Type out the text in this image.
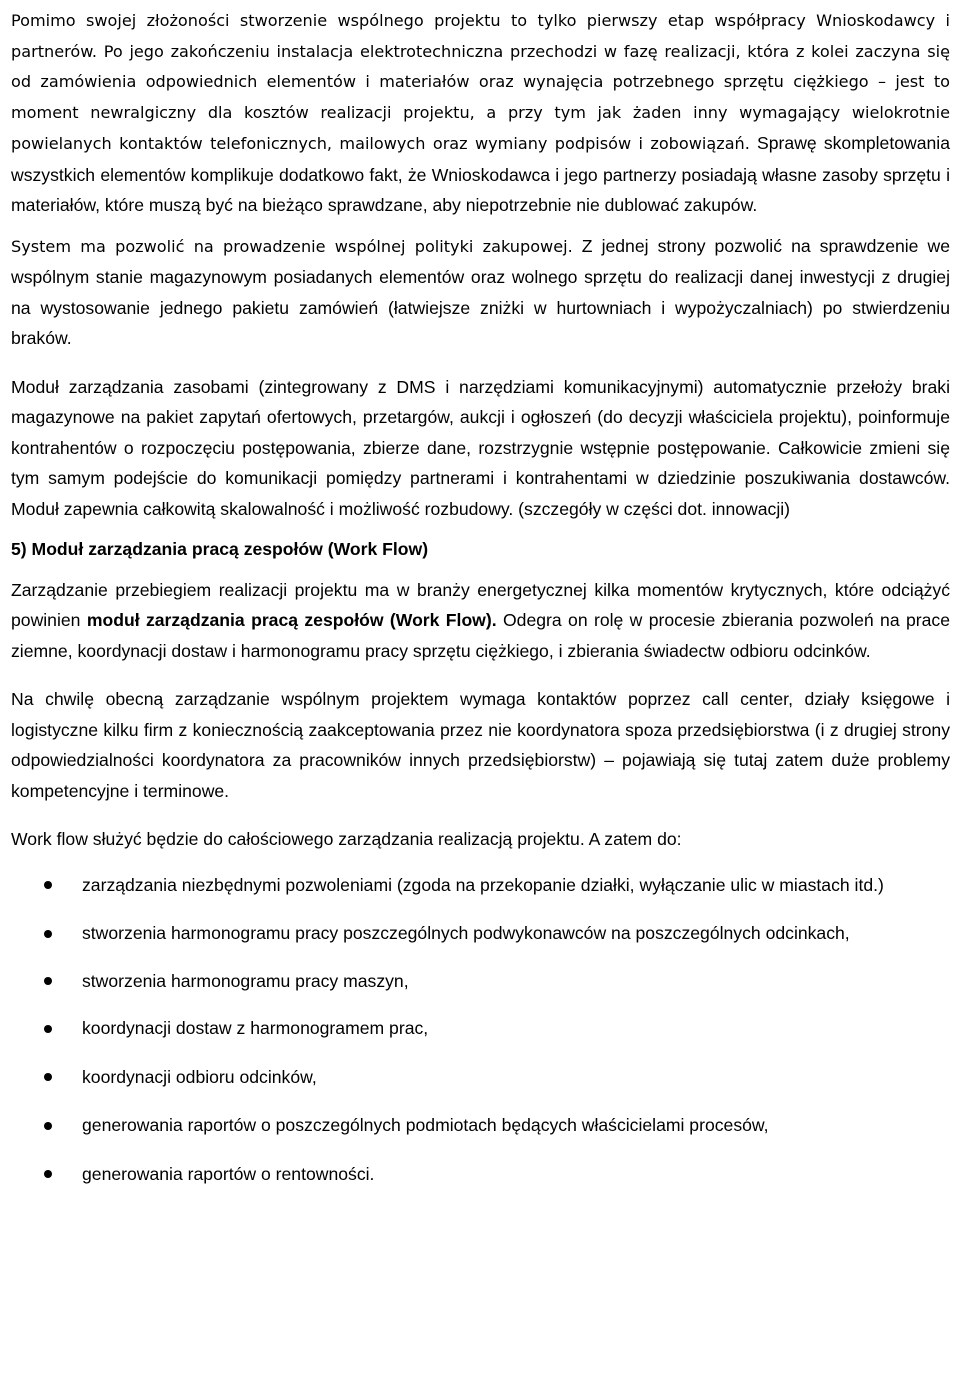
Pomimo swojej złożoności stworzenie wspólnego projektu to tylko pierwszy etap współpracy Wnioskodawcy i partnerów. Po jego zakończeniu instalacja elektrotechniczna przechodzi w fazę realizacji, która z kolei zaczyna się od zamówienia odpowiednich elementów i materiałów oraz wynajęcia potrzebnego sprzętu ciężkiego – jest to moment newralgiczny dla kosztów realizacji projektu, a przy tym jak żaden inny wymagający wielokrotnie powielanych kontaktów telefonicznych, mailowych oraz wymiany podpisów i zobowiązań. Sprawę skompletowania wszystkich elementów komplikuje dodatkowo fakt, że Wnioskodawca i jego partnerzy posiadają własne zasoby sprzętu i materiałów, które muszą być na bieżąco sprawdzane, aby niepotrzebnie nie dublować zakupów.

System ma pozwolić na prowadzenie wspólnej polityki zakupowej. Z jednej strony pozwolić na sprawdzenie we wspólnym stanie magazynowym posiadanych elementów oraz wolnego sprzętu do realizacji danej inwestycji z drugiej na wystosowanie jednego pakietu zamówień (łatwiejsze zniżki w hurtowniach i wypożyczalniach) po stwierdzeniu braków.

Moduł zarządzania zasobami (zintegrowany z DMS i narzędziami komunikacyjnymi) automatycznie przełoży braki magazynowe na pakiet zapytań ofertowych, przetargów, aukcji i ogłoszeń (do decyzji właściciela projektu), poinformuje kontrahentów o rozpoczęciu postępowania, zbierze dane, rozstrzygnie wstępnie postępowanie. Całkowicie zmieni się tym samym podejście do komunikacji pomiędzy partnerami i kontrahentami w dziedzinie poszukiwania dostawców. Moduł zapewnia całkowitą skalowalność i możliwość rozbudowy. (szczegóły w części dot. innowacji)

5) Moduł zarządzania pracą zespołów (Work Flow)

Zarządzanie przebiegiem realizacji projektu ma w branży energetycznej kilka momentów krytycznych, które odciążyć powinien moduł zarządzania pracą zespołów (Work Flow). Odegra on rolę w procesie zbierania pozwoleń na prace ziemne, koordynacji dostaw i harmonogramu pracy sprzętu ciężkiego, i zbierania świadectw odbioru odcinków.

Na chwilę obecną zarządzanie wspólnym projektem wymaga kontaktów poprzez call center, działy księgowe i logistyczne kilku firm z koniecznością zaakceptowania przez nie koordynatora spoza przedsiębiorstwa (i z drugiej strony odpowiedzialności koordynatora za pracowników innych przedsiębiorstw) – pojawiają się tutaj zatem duże problemy kompetencyjne i terminowe.

Work flow służyć będzie do całościowego zarządzania realizacją projektu. A zatem do:

zarządzania niezbędnymi pozwoleniami (zgoda na przekopanie działki, wyłączanie ulic w miastach itd.)
stworzenia harmonogramu pracy poszczególnych podwykonawców na poszczególnych odcinkach,
stworzenia harmonogramu pracy maszyn,
koordynacji dostaw z harmonogramem prac,
koordynacji odbioru odcinków,
generowania raportów o poszczególnych podmiotach będących właścicielami procesów,
generowania raportów o rentowności.
